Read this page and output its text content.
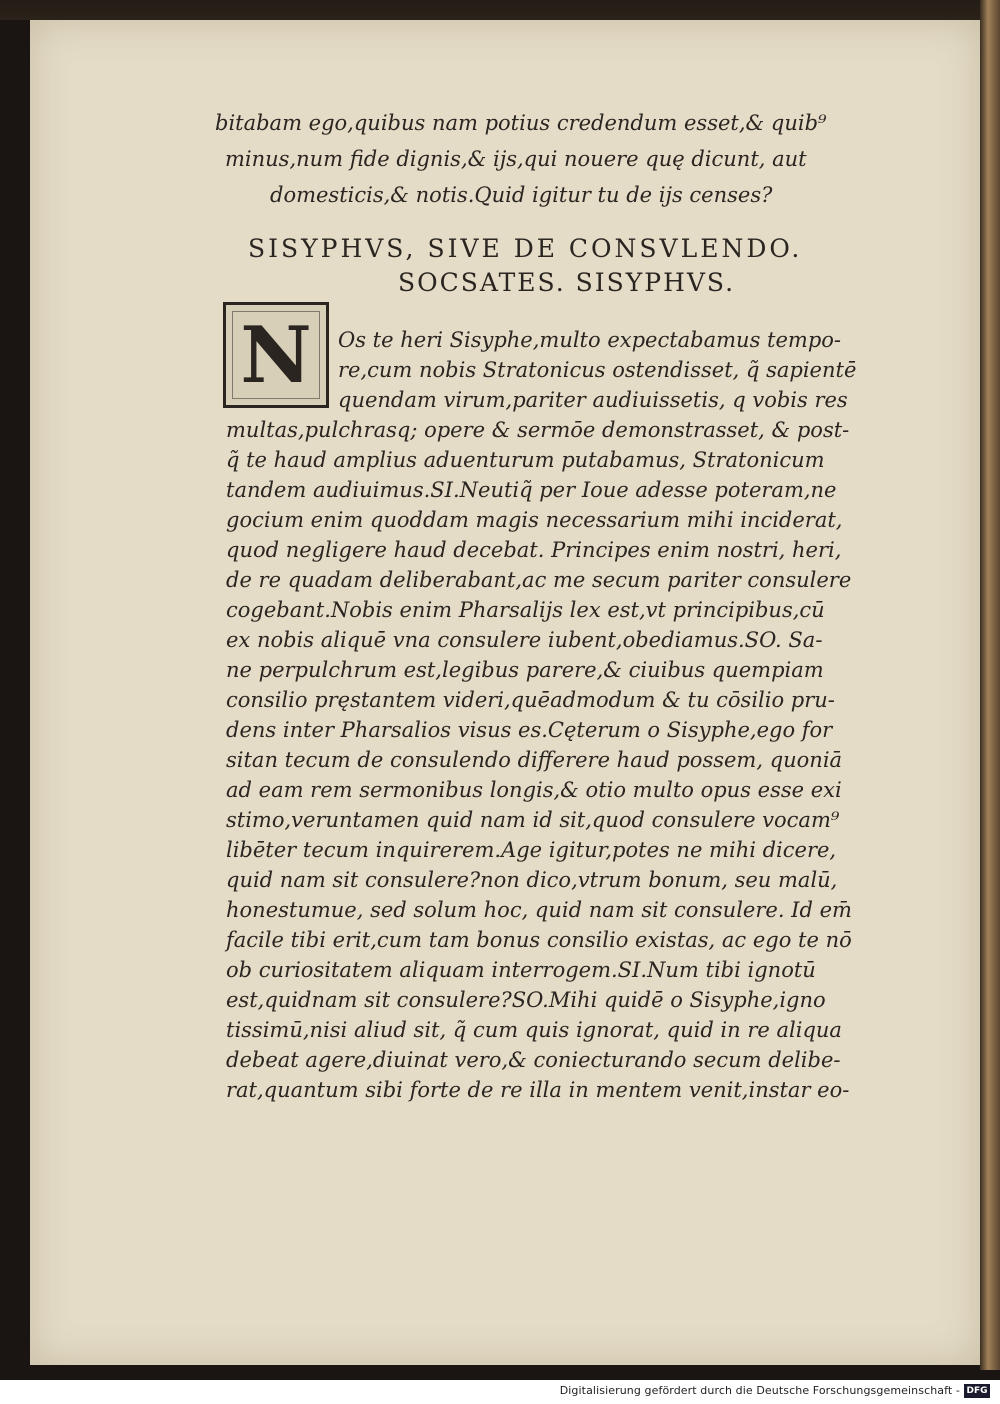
bitabam ego,quibus nam potius credendum esset,& quib⁹
minus,num fide dignis,& ijs,qui nouere quę dicunt, aut
domesticis,& notis.Quid igitur tu de ijs censes?
SISYPHVS, SIVE DE CONSVLENDO.
SOCSATES. SISYPHVS.
N	Os te heri Sisyphe,multo expectabamus tempo-
re,cum nobis Stratonicus ostendisset, q̃ sapientē
quendam virum,pariter audiuissetis, q vobis res
multas,pulchrasq; opere & sermōe demonstrasset, & post-
q̃ te haud amplius aduenturum putabamus, Stratonicum
tandem audiuimus.SI.Neutiq̃ per Ioue adesse poteram,ne
gocium enim quoddam magis necessarium mihi inciderat,
quod negligere haud decebat. Principes enim nostri, heri,
de re quadam deliberabant,ac me secum pariter consulere
cogebant.Nobis enim Pharsalijs lex est,vt principibus,cū
ex nobis aliquē vna consulere iubent,obediamus.SO. Sa-
ne perpulchrum est,legibus parere,& ciuibus quempiam
consilio pręstantem videri,quēadmodum & tu cōsilio pru-
dens inter Pharsalios visus es.Cęterum o Sisyphe,ego for
sitan tecum de consulendo differere haud possem, quoniā
ad eam rem sermonibus longis,& otio multo opus esse exi
stimo,veruntamen quid nam id sit,quod consulere vocam⁹
libēter tecum inquirerem.Age igitur,potes ne mihi dicere,
quid nam sit consulere?non dico,vtrum bonum, seu malū,
honestumue, sed solum hoc, quid nam sit consulere. Id em̄
facile tibi erit,cum tam bonus consilio existas, ac ego te nō
ob curiositatem aliquam interrogem.SI.Num tibi ignotū
est,quidnam sit consulere?SO.Mihi quidē o Sisyphe,igno
tissimū,nisi aliud sit, q̃ cum quis ignorat, quid in re aliqua
debeat agere,diuinat vero,& coniecturando secum delibe-
rat,quantum sibi forte de re illa in mentem venit,instar eo-
Digitalisierung gefördert durch die Deutsche Forschungsgemeinschaft - DFG
